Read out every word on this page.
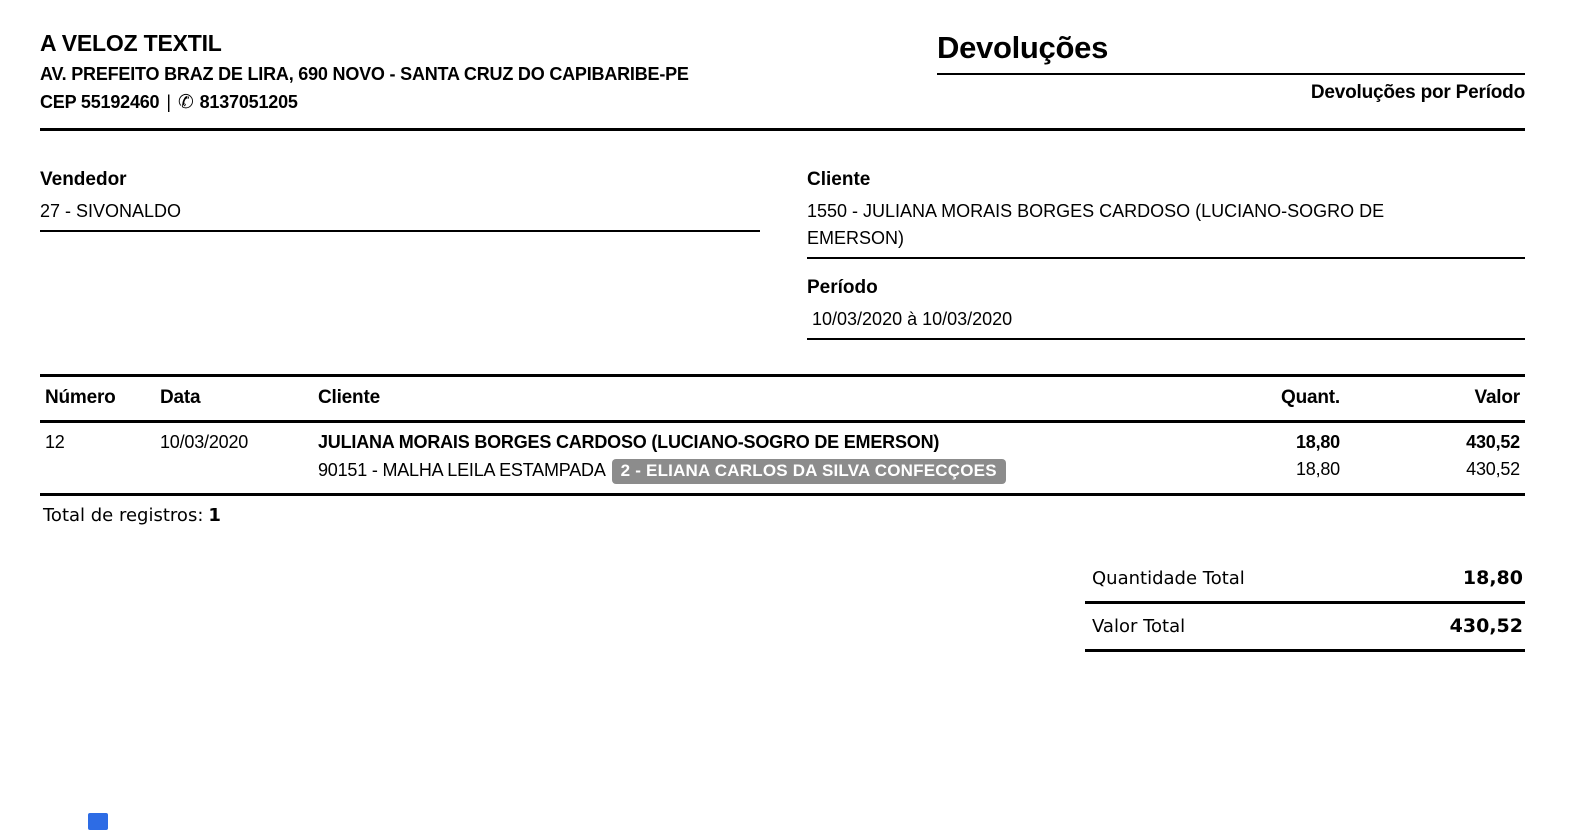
A VELOZ TEXTIL
AV. PREFEITO BRAZ DE LIRA, 690 NOVO - SANTA CRUZ DO CAPIBARIBE-PE
CEP 55192460 | ✆ 8137051205
Devoluções
Devoluções por Período
Vendedor
27 - SIVONALDO
Cliente
1550 - JULIANA MORAIS BORGES CARDOSO (LUCIANO-SOGRO DE EMERSON)
Período
10/03/2020 à 10/03/2020
Número	Data	Cliente	Quant.	Valor
12	10/03/2020	JULIANA MORAIS BORGES CARDOSO (LUCIANO-SOGRO DE EMERSON)	18,80	430,52
		90151 - MALHA LEILA ESTAMPADA 2 - ELIANA CARLOS DA SILVA CONFECÇOES	18,80	430,52
Total de registros: 1
Quantidade Total	18,80
Valor Total	430,52
